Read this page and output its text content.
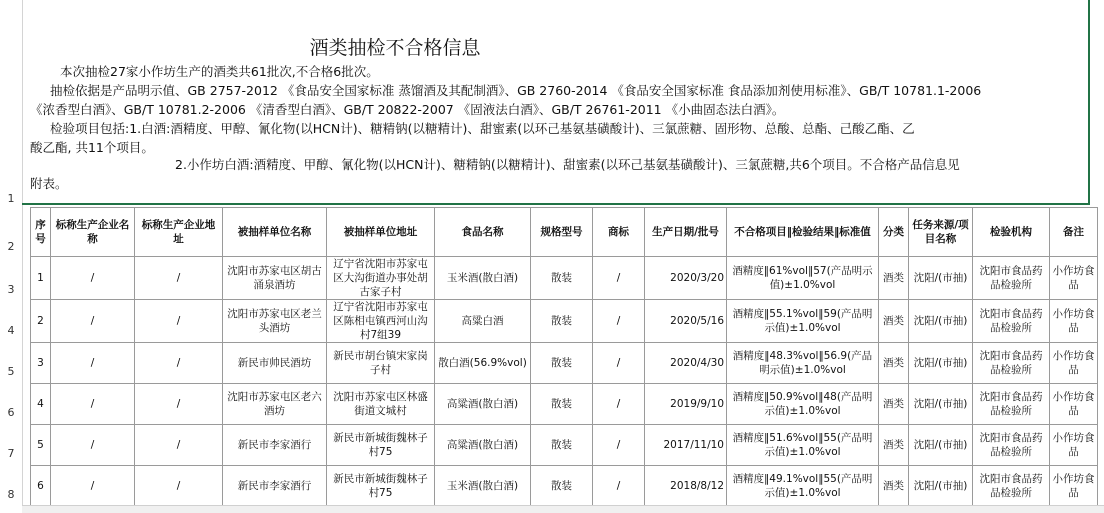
1
2
3
4
5
6
7
8
酒类抽检不合格信息
本次抽检27家小作坊生产的酒类共61批次,不合格6批次。
抽检依据是产品明示值、GB 2757-2012 《食品安全国家标准 蒸馏酒及其配制酒》、GB 2760-2014 《食品安全国家标准 食品添加剂使用标准》、GB/T 10781.1-2006
《浓香型白酒》、GB/T 10781.2-2006 《清香型白酒》、GB/T 20822-2007 《固液法白酒》、GB/T 26761-2011 《小曲固态法白酒》。
检验项目包括:1.白酒:酒精度、甲醇、氰化物(以HCN计)、糖精钠(以糖精计)、甜蜜素(以环己基氨基磺酸计)、三氯蔗糖、固形物、总酸、总酯、己酸乙酯、乙
酸乙酯, 共11个项目。
2.小作坊白酒:酒精度、甲醇、氰化物(以HCN计)、糖精钠(以糖精计)、甜蜜素(以环己基氨基磺酸计)、三氯蔗糖,共6个项目。不合格产品信息见
附表。
序号	标称生产企业名称	标称生产企业地址	被抽样单位名称	被抽样单位地址	食品名称	规格型号	商标	生产日期/批号	不合格项目‖检验结果‖标准值	分类	任务来源/项目名称	检验机构	备注
1	/	/	沈阳市苏家屯区胡古涌泉酒坊	辽宁省沈阳市苏家屯区大沟街道办事处胡古家子村	玉米酒(散白酒)	散装	/	2020/3/20	酒精度‖61%vol‖57(产品明示值)±1.0%vol	酒类	沈阳/(市抽)	沈阳市食品药品检验所	小作坊食品
2	/	/	沈阳市苏家屯区老兰头酒坊	辽宁省沈阳市苏家屯区陈相屯镇西河山沟村7组39	高粱白酒	散装	/	2020/5/16	酒精度‖55.1%vol‖59(产品明示值)±1.0%vol	酒类	沈阳/(市抽)	沈阳市食品药品检验所	小作坊食品
3	/	/	新民市帅民酒坊	新民市胡台镇宋家岗子村	散白酒(56.9%vol)	散装	/	2020/4/30	酒精度‖48.3%vol‖56.9(产品明示值)±1.0%vol	酒类	沈阳/(市抽)	沈阳市食品药品检验所	小作坊食品
4	/	/	沈阳市苏家屯区老六酒坊	沈阳市苏家屯区林盛街道文城村	高粱酒(散白酒)	散装	/	2019/9/10	酒精度‖50.9%vol‖48(产品明示值)±1.0%vol	酒类	沈阳/(市抽)	沈阳市食品药品检验所	小作坊食品
5	/	/	新民市李家酒行	新民市新城街魏林子村75	高粱酒(散白酒)	散装	/	2017/11/10	酒精度‖51.6%vol‖55(产品明示值)±1.0%vol	酒类	沈阳/(市抽)	沈阳市食品药品检验所	小作坊食品
6	/	/	新民市李家酒行	新民市新城街魏林子村75	玉米酒(散白酒)	散装	/	2018/8/12	酒精度‖49.1%vol‖55(产品明示值)±1.0%vol	酒类	沈阳/(市抽)	沈阳市食品药品检验所	小作坊食品
